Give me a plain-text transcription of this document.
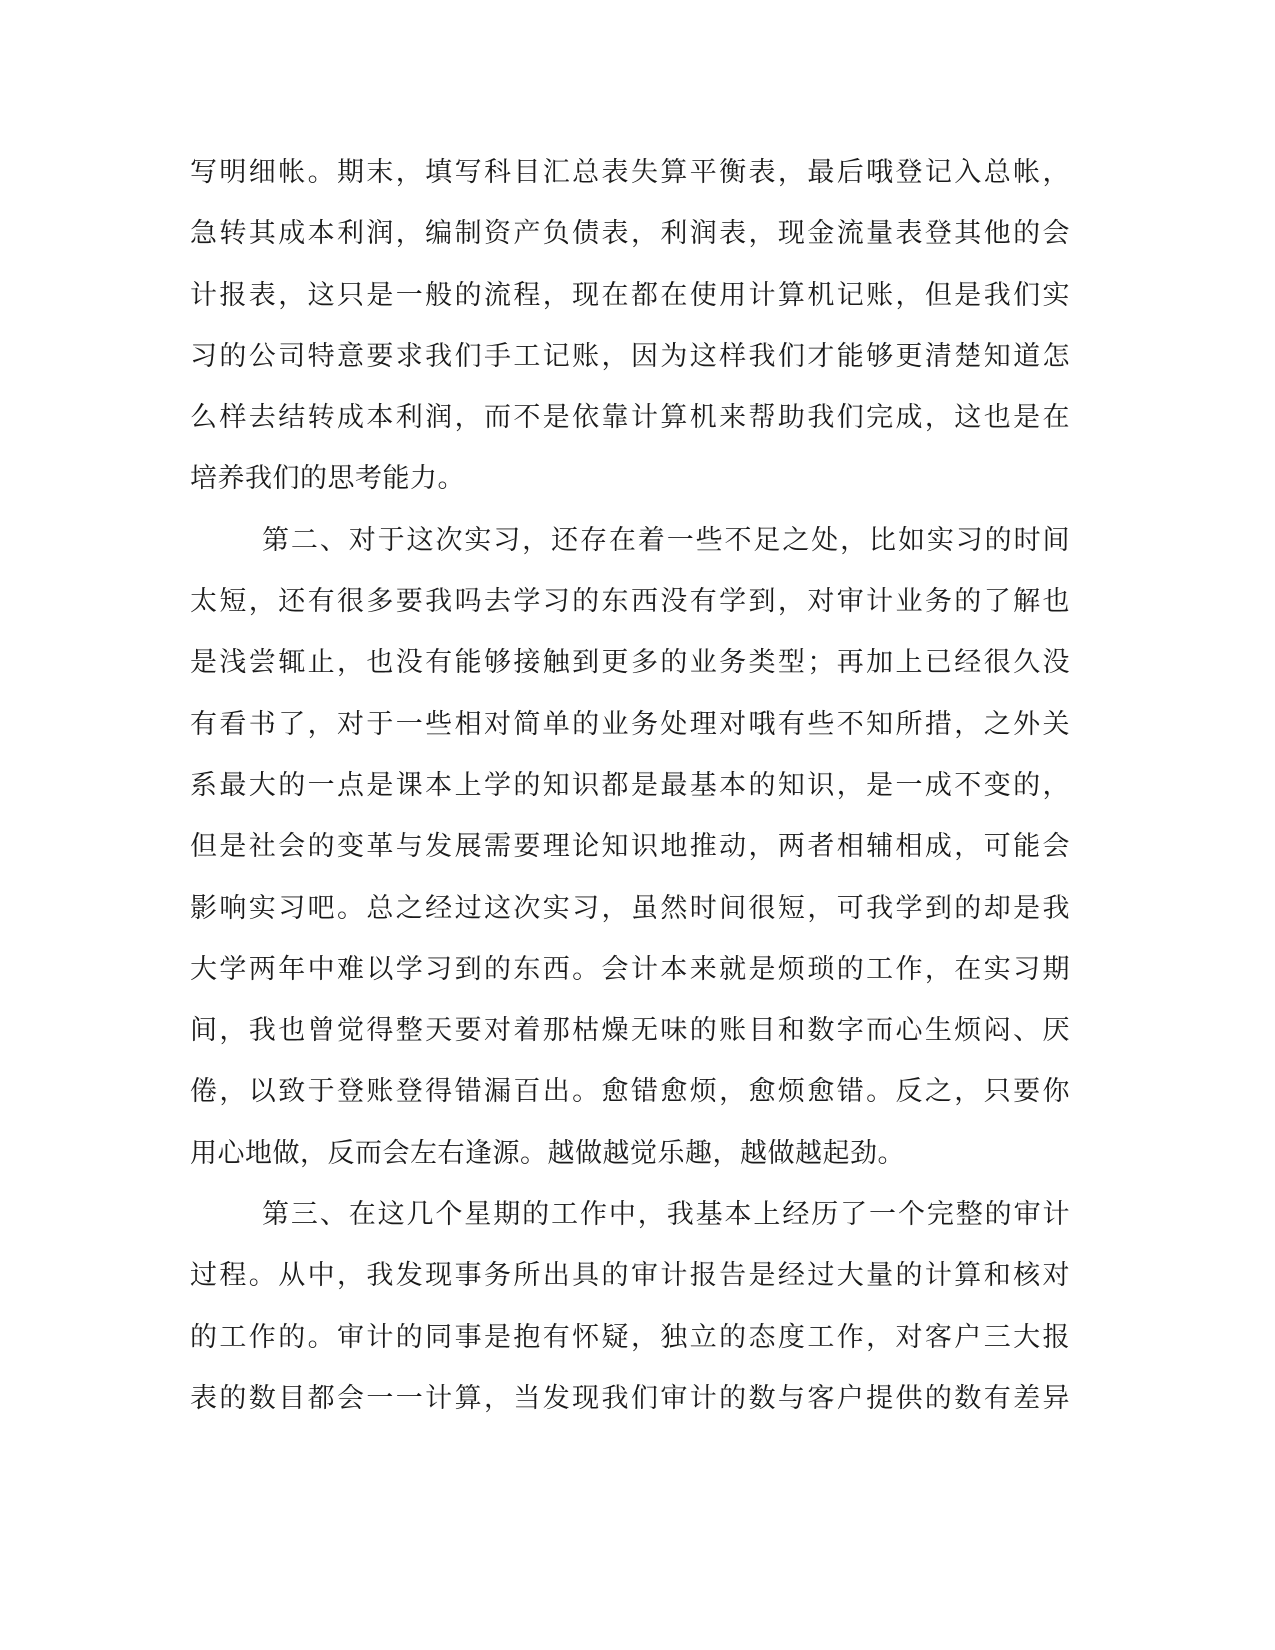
写明细帐。期末，填写科目汇总表失算平衡表，最后哦登记入总帐，
急转其成本利润，编制资产负债表，利润表，现金流量表登其他的会
计报表，这只是一般的流程，现在都在使用计算机记账，但是我们实
习的公司特意要求我们手工记账，因为这样我们才能够更清楚知道怎
么样去结转成本利润，而不是依靠计算机来帮助我们完成，这也是在
培养我们的思考能力。
第二、对于这次实习，还存在着一些不足之处，比如实习的时间
太短，还有很多要我吗去学习的东西没有学到，对审计业务的了解也
是浅尝辄止，也没有能够接触到更多的业务类型；再加上已经很久没
有看书了，对于一些相对简单的业务处理对哦有些不知所措，之外关
系最大的一点是课本上学的知识都是最基本的知识，是一成不变的，
但是社会的变革与发展需要理论知识地推动，两者相辅相成，可能会
影响实习吧。总之经过这次实习，虽然时间很短，可我学到的却是我
大学两年中难以学习到的东西。会计本来就是烦琐的工作，在实习期
间，我也曾觉得整天要对着那枯燥无味的账目和数字而心生烦闷、厌
倦，以致于登账登得错漏百出。愈错愈烦，愈烦愈错。反之，只要你
用心地做，反而会左右逢源。越做越觉乐趣，越做越起劲。
第三、在这几个星期的工作中，我基本上经历了一个完整的审计
过程。从中，我发现事务所出具的审计报告是经过大量的计算和核对
的工作的。审计的同事是抱有怀疑，独立的态度工作，对客户三大报
表的数目都会一一计算，当发现我们审计的数与客户提供的数有差异
